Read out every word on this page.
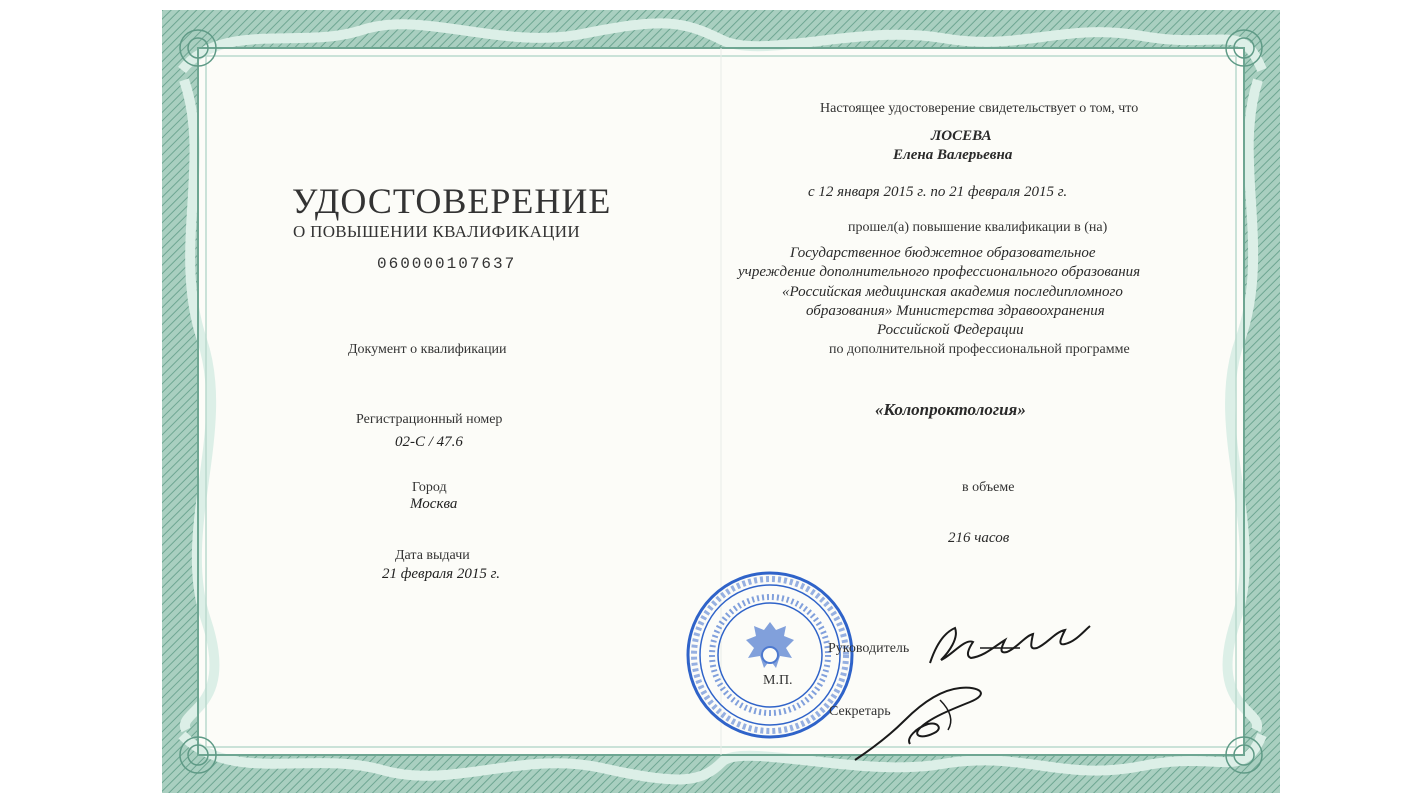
УДОСТОВЕРЕНИЕ
О ПОВЫШЕНИИ КВАЛИФИКАЦИИ
060000107637
Документ о квалификации
Регистрационный номер
02-С / 47.6
Город
Москва
Дата выдачи
21 февраля 2015 г.
Настоящее удостоверение свидетельствует о том, что
ЛОСЕВА
Елена Валерьевна
с 12 января 2015 г. по 21 февраля 2015 г.
прошел(а) повышение квалификации в (на)
Государственное бюджетное образовательное
учреждение дополнительного профессионального образования
«Российская медицинская академия последипломного
образования» Министерства здравоохранения
Российской Федерации
по дополнительной профессиональной программе
«Колопроктология»
в объеме
216 часов
М.П.
Руководитель
Секретарь
